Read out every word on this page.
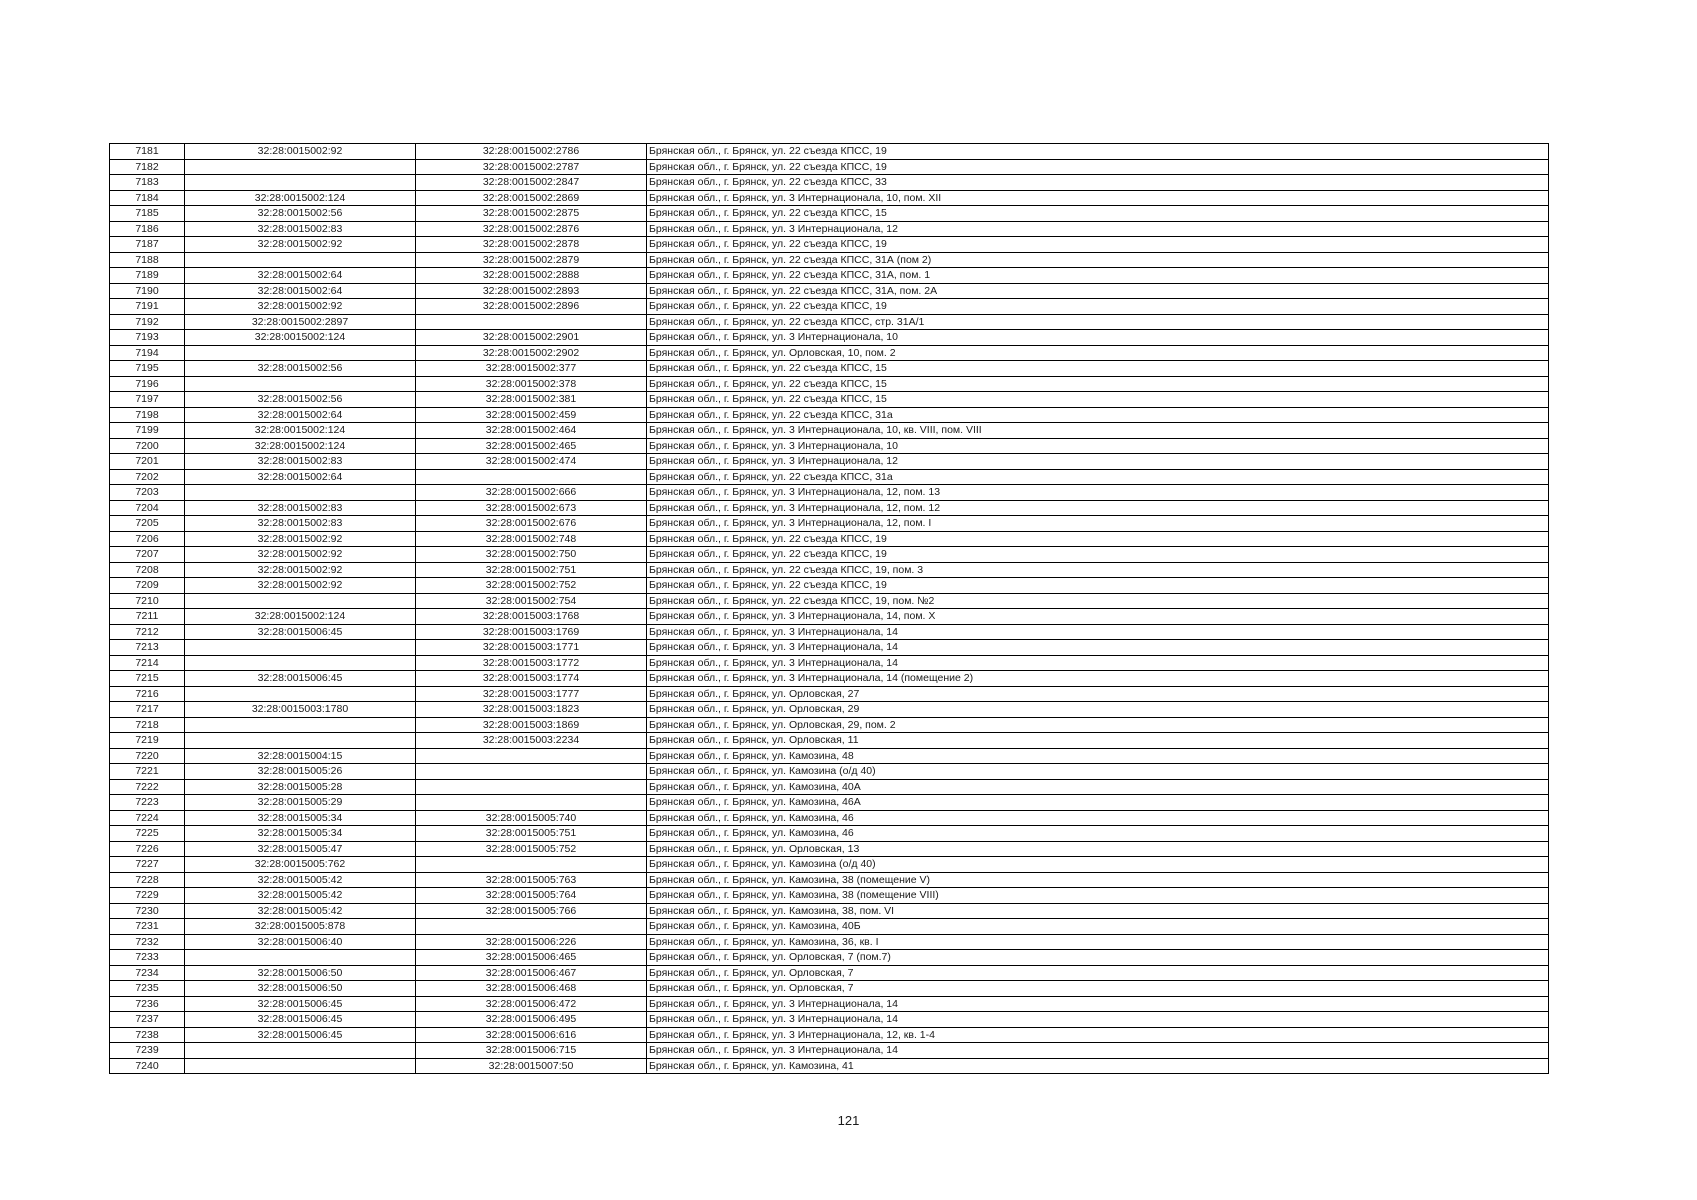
7181	32:28:0015002:92	32:28:0015002:2786	Брянская обл., г. Брянск, ул. 22 съезда КПСС, 19
7182		32:28:0015002:2787	Брянская обл., г. Брянск, ул. 22 съезда КПСС, 19
7183		32:28:0015002:2847	Брянская обл., г. Брянск, ул. 22 съезда КПСС, 33
7184	32:28:0015002:124	32:28:0015002:2869	Брянская обл., г. Брянск, ул. 3 Интернационала, 10, пом. XII
7185	32:28:0015002:56	32:28:0015002:2875	Брянская обл., г. Брянск, ул. 22 съезда КПСС, 15
7186	32:28:0015002:83	32:28:0015002:2876	Брянская обл., г. Брянск, ул. 3 Интернационала, 12
7187	32:28:0015002:92	32:28:0015002:2878	Брянская обл., г. Брянск, ул. 22 съезда КПСС, 19
7188		32:28:0015002:2879	Брянская обл., г. Брянск, ул. 22 съезда КПСС, 31А (пом 2)
7189	32:28:0015002:64	32:28:0015002:2888	Брянская обл., г. Брянск, ул. 22 съезда КПСС, 31А, пом. 1
7190	32:28:0015002:64	32:28:0015002:2893	Брянская обл., г. Брянск, ул. 22 съезда КПСС, 31А, пом. 2А
7191	32:28:0015002:92	32:28:0015002:2896	Брянская обл., г. Брянск, ул. 22 съезда КПСС, 19
7192	32:28:0015002:2897		Брянская обл., г. Брянск, ул. 22 съезда КПСС, стр. 31А/1
7193	32:28:0015002:124	32:28:0015002:2901	Брянская обл., г. Брянск, ул. 3 Интернационала, 10
7194		32:28:0015002:2902	Брянская обл., г. Брянск, ул. Орловская, 10, пом. 2
7195	32:28:0015002:56	32:28:0015002:377	Брянская обл., г. Брянск, ул. 22 съезда КПСС, 15
7196		32:28:0015002:378	Брянская обл., г. Брянск, ул. 22 съезда КПСС, 15
7197	32:28:0015002:56	32:28:0015002:381	Брянская обл., г. Брянск, ул. 22 съезда КПСС, 15
7198	32:28:0015002:64	32:28:0015002:459	Брянская обл., г. Брянск, ул. 22 съезда КПСС, 31а
7199	32:28:0015002:124	32:28:0015002:464	Брянская обл., г. Брянск, ул. 3 Интернационала, 10, кв. VIII, пом. VIII
7200	32:28:0015002:124	32:28:0015002:465	Брянская обл., г. Брянск, ул. 3 Интернационала, 10
7201	32:28:0015002:83	32:28:0015002:474	Брянская обл., г. Брянск, ул. 3 Интернационала, 12
7202	32:28:0015002:64		Брянская обл., г. Брянск, ул. 22 съезда КПСС, 31а
7203		32:28:0015002:666	Брянская обл., г. Брянск, ул. 3 Интернационала, 12, пом. 13
7204	32:28:0015002:83	32:28:0015002:673	Брянская обл., г. Брянск, ул. 3 Интернационала, 12, пом. 12
7205	32:28:0015002:83	32:28:0015002:676	Брянская обл., г. Брянск, ул. 3 Интернационала, 12, пом. I
7206	32:28:0015002:92	32:28:0015002:748	Брянская обл., г. Брянск, ул. 22 съезда КПСС, 19
7207	32:28:0015002:92	32:28:0015002:750	Брянская обл., г. Брянск, ул. 22 съезда КПСС, 19
7208	32:28:0015002:92	32:28:0015002:751	Брянская обл., г. Брянск, ул. 22 съезда КПСС, 19, пом. 3
7209	32:28:0015002:92	32:28:0015002:752	Брянская обл., г. Брянск, ул. 22 съезда КПСС, 19
7210		32:28:0015002:754	Брянская обл., г. Брянск, ул. 22 съезда КПСС, 19, пом. №2
7211	32:28:0015002:124	32:28:0015003:1768	Брянская обл., г. Брянск, ул. 3 Интернационала, 14, пом. X
7212	32:28:0015006:45	32:28:0015003:1769	Брянская обл., г. Брянск, ул. 3 Интернационала, 14
7213		32:28:0015003:1771	Брянская обл., г. Брянск, ул. 3 Интернационала, 14
7214		32:28:0015003:1772	Брянская обл., г. Брянск, ул. 3 Интернационала, 14
7215	32:28:0015006:45	32:28:0015003:1774	Брянская обл., г. Брянск, ул. 3 Интернационала, 14 (помещение 2)
7216		32:28:0015003:1777	Брянская обл., г. Брянск, ул. Орловская, 27
7217	32:28:0015003:1780	32:28:0015003:1823	Брянская обл., г. Брянск, ул. Орловская, 29
7218		32:28:0015003:1869	Брянская обл., г. Брянск, ул. Орловская, 29, пом. 2
7219		32:28:0015003:2234	Брянская обл., г. Брянск, ул. Орловская, 11
7220	32:28:0015004:15		Брянская обл., г. Брянск, ул. Камозина, 48
7221	32:28:0015005:26		Брянская обл., г. Брянск, ул. Камозина (о/д 40)
7222	32:28:0015005:28		Брянская обл., г. Брянск, ул. Камозина, 40А
7223	32:28:0015005:29		Брянская обл., г. Брянск, ул. Камозина, 46А
7224	32:28:0015005:34	32:28:0015005:740	Брянская обл., г. Брянск, ул. Камозина, 46
7225	32:28:0015005:34	32:28:0015005:751	Брянская обл., г. Брянск, ул. Камозина, 46
7226	32:28:0015005:47	32:28:0015005:752	Брянская обл., г. Брянск, ул. Орловская, 13
7227	32:28:0015005:762		Брянская обл., г. Брянск, ул. Камозина (о/д 40)
7228	32:28:0015005:42	32:28:0015005:763	Брянская обл., г. Брянск, ул. Камозина, 38 (помещение V)
7229	32:28:0015005:42	32:28:0015005:764	Брянская обл., г. Брянск, ул. Камозина, 38 (помещение VIII)
7230	32:28:0015005:42	32:28:0015005:766	Брянская обл., г. Брянск, ул. Камозина, 38, пом. VI
7231	32:28:0015005:878		Брянская обл., г. Брянск, ул. Камозина, 40Б
7232	32:28:0015006:40	32:28:0015006:226	Брянская обл., г. Брянск, ул. Камозина, 36, кв. I
7233		32:28:0015006:465	Брянская обл., г. Брянск, ул. Орловская, 7 (пом.7)
7234	32:28:0015006:50	32:28:0015006:467	Брянская обл., г. Брянск, ул. Орловская, 7
7235	32:28:0015006:50	32:28:0015006:468	Брянская обл., г. Брянск, ул. Орловская, 7
7236	32:28:0015006:45	32:28:0015006:472	Брянская обл., г. Брянск, ул. 3 Интернационала, 14
7237	32:28:0015006:45	32:28:0015006:495	Брянская обл., г. Брянск, ул. 3 Интернационала, 14
7238	32:28:0015006:45	32:28:0015006:616	Брянская обл., г. Брянск, ул. 3 Интернационала, 12, кв. 1-4
7239		32:28:0015006:715	Брянская обл., г. Брянск, ул. 3 Интернационала, 14
7240		32:28:0015007:50	Брянская обл., г. Брянск, ул. Камозина, 41
121
